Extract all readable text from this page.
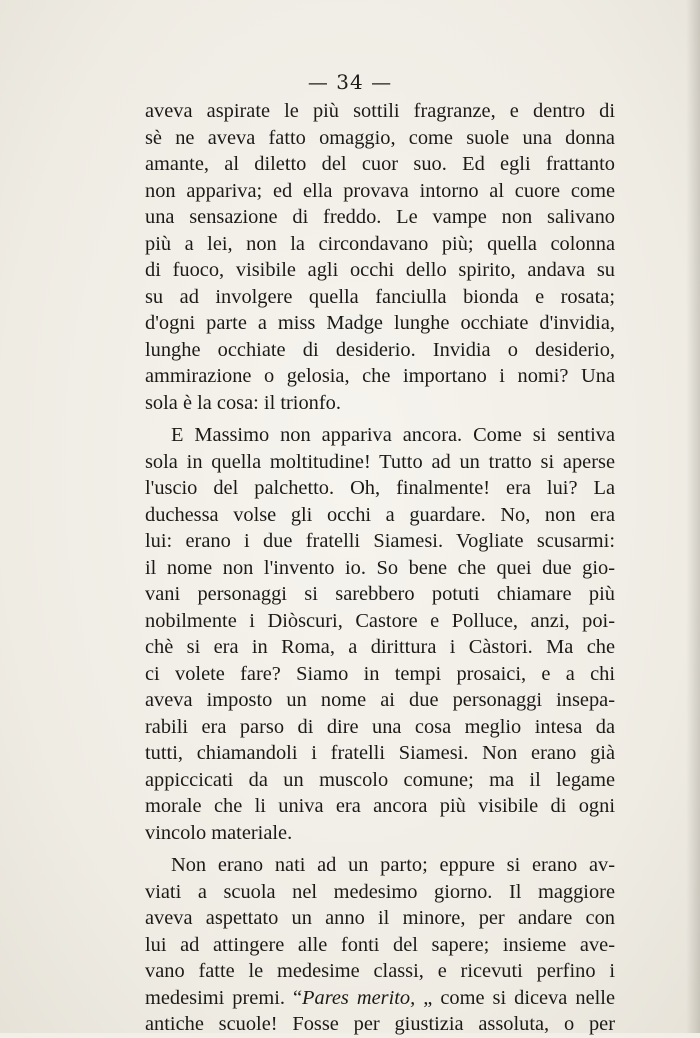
— 34 —
aveva aspirate le più sottili fragranze, e dentro di
sè ne aveva fatto omaggio, come suole una donna
amante, al diletto del cuor suo. Ed egli frattanto
non appariva; ed ella provava intorno al cuore come
una sensazione di freddo. Le vampe non salivano
più a lei, non la circondavano più; quella colonna
di fuoco, visibile agli occhi dello spirito, andava su
su ad involgere quella fanciulla bionda e rosata;
d'ogni parte a miss Madge lunghe occhiate d'invidia,
lunghe occhiate di desiderio. Invidia o desiderio,
ammirazione o gelosia, che importano i nomi? Una
sola è la cosa: il trionfo.
E Massimo non appariva ancora. Come si sentiva
sola in quella moltitudine! Tutto ad un tratto si aperse
l'uscio del palchetto. Oh, finalmente! era lui? La
duchessa volse gli occhi a guardare. No, non era
lui: erano i due fratelli Siamesi. Vogliate scusarmi:
il nome non l'invento io. So bene che quei due gio-
vani personaggi si sarebbero potuti chiamare più
nobilmente i Diòscuri, Castore e Polluce, anzi, poi-
chè si era in Roma, a dirittura i Càstori. Ma che
ci volete fare? Siamo in tempi prosaici, e a chi
aveva imposto un nome ai due personaggi insepa-
rabili era parso di dire una cosa meglio intesa da
tutti, chiamandoli i fratelli Siamesi. Non erano già
appiccicati da un muscolo comune; ma il legame
morale che li univa era ancora più visibile di ogni
vincolo materiale.
Non erano nati ad un parto; eppure si erano av-
viati a scuola nel medesimo giorno. Il maggiore
aveva aspettato un anno il minore, per andare con
lui ad attingere alle fonti del sapere; insieme ave-
vano fatte le medesime classi, e ricevuti perfino i
medesimi premi. “Pares merito, „ come si diceva nelle
antiche scuole! Fosse per giustizia assoluta, o per
